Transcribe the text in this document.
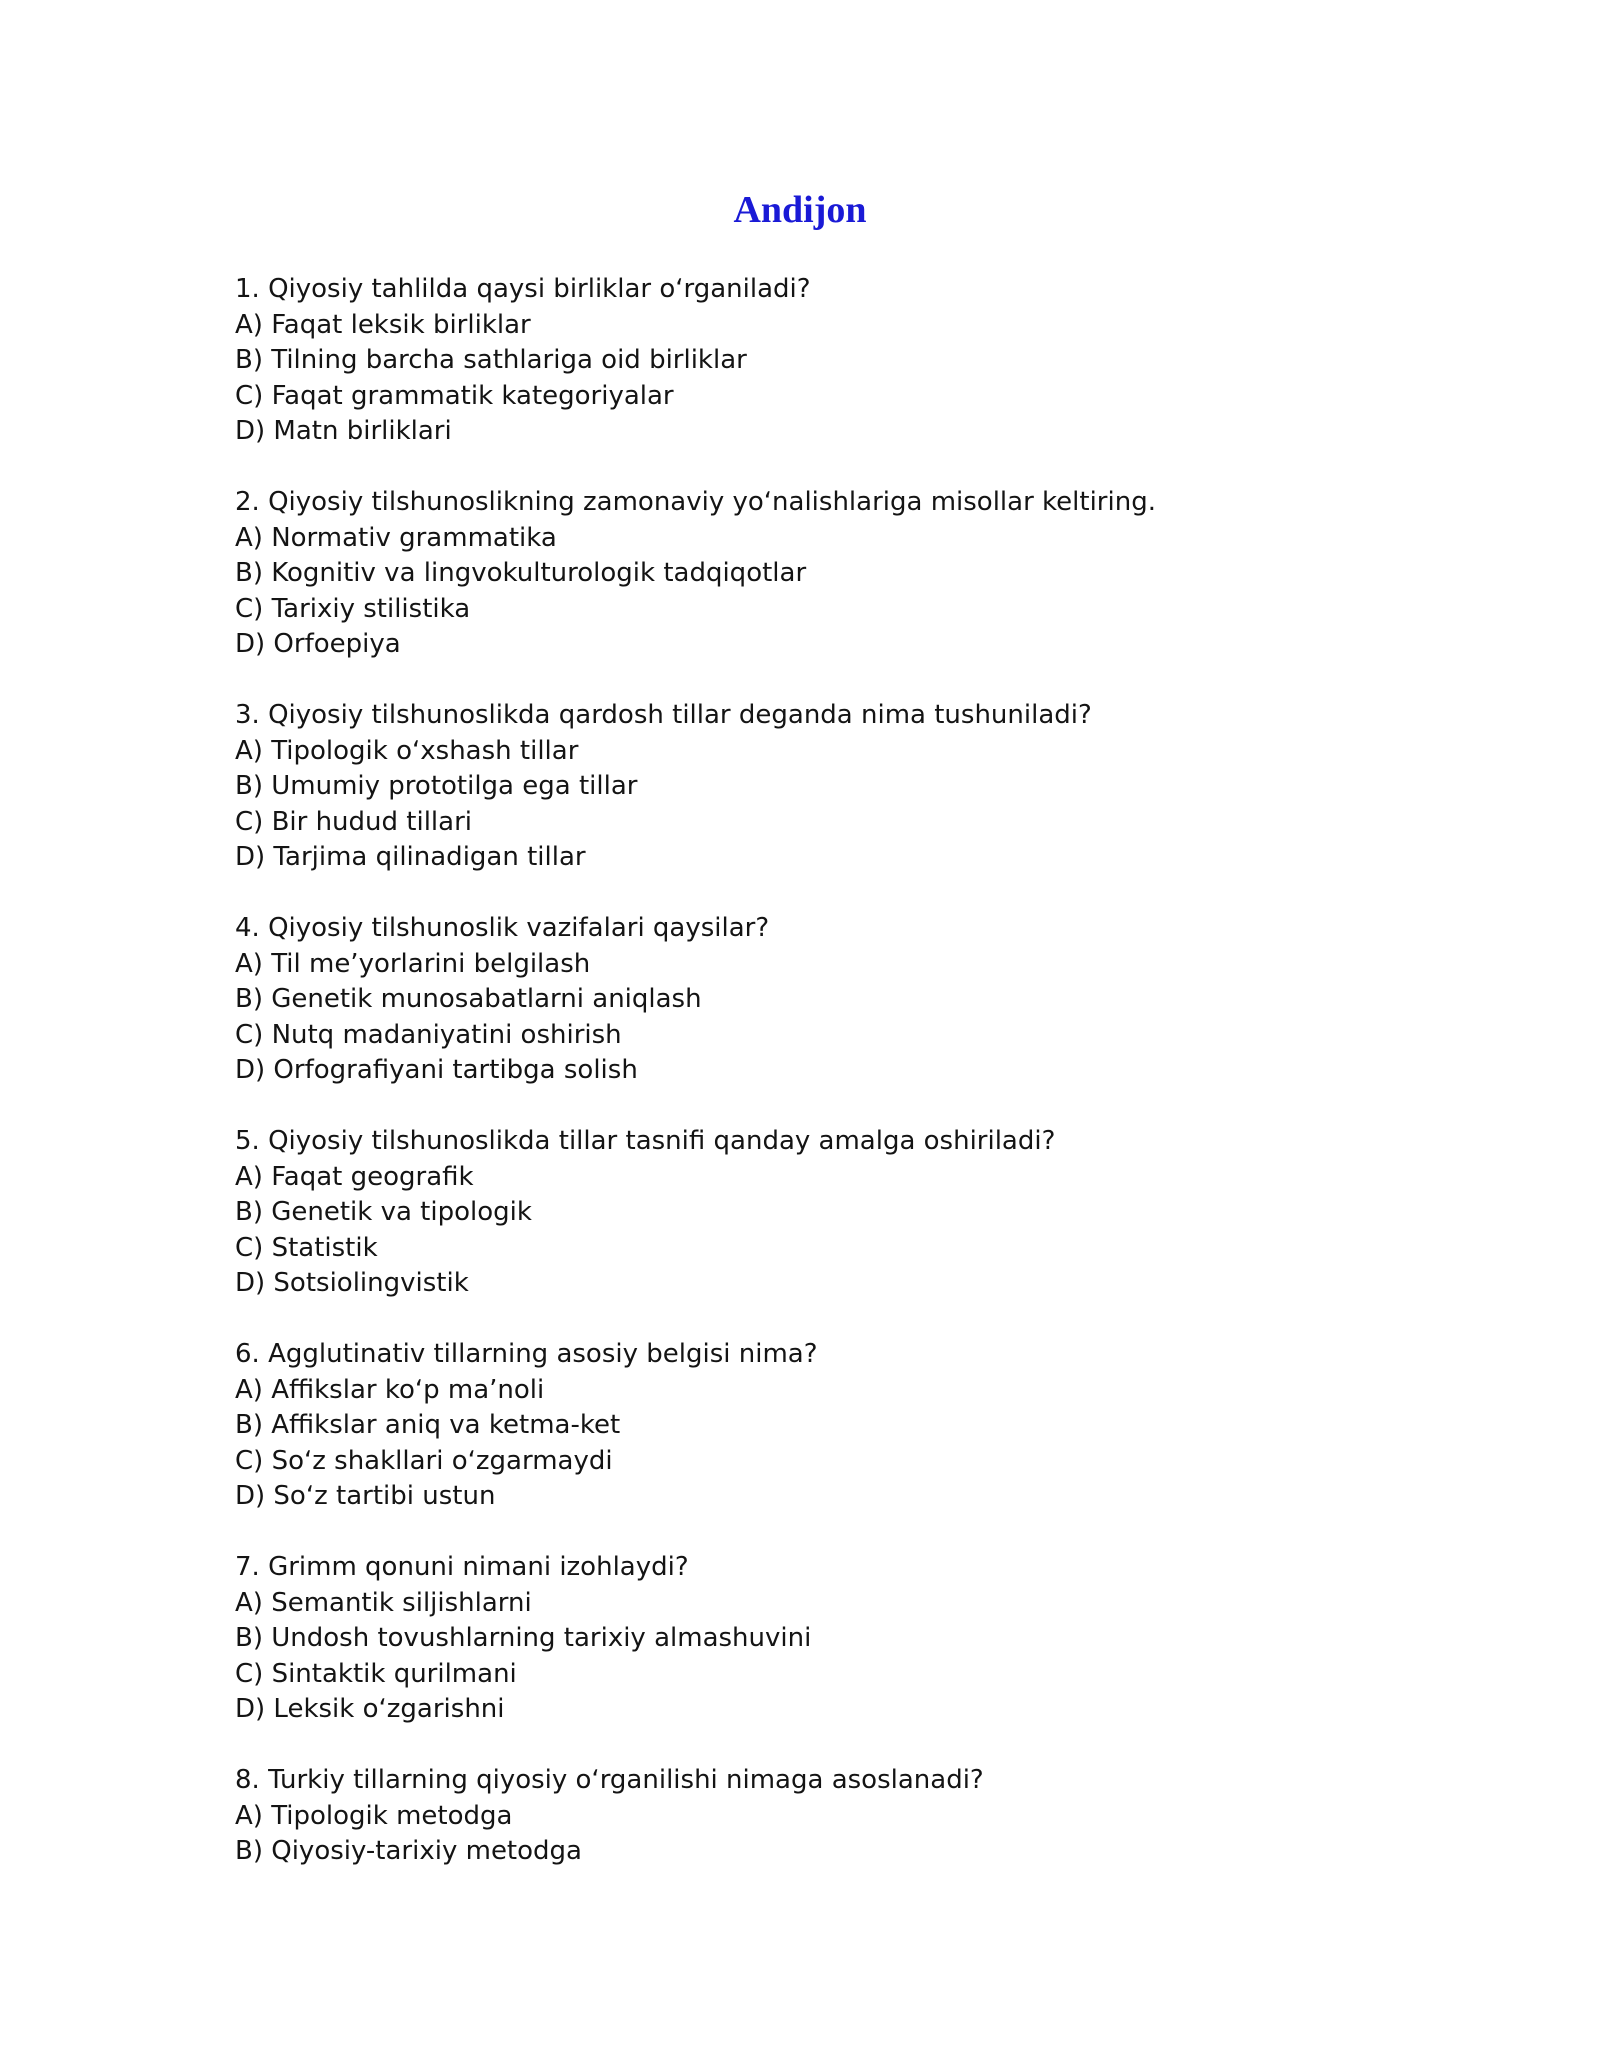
Andijon
1. Qiyosiy tahlilda qaysi birliklar oʻrganiladi?
A) Faqat leksik birliklar
B) Tilning barcha sathlariga oid birliklar
C) Faqat grammatik kategoriyalar
D) Matn birliklari
2. Qiyosiy tilshunoslikning zamonaviy yoʻnalishlariga misollar keltiring.
A) Normativ grammatika
B) Kognitiv va lingvokulturologik tadqiqotlar
C) Tarixiy stilistika
D) Orfoepiya
3. Qiyosiy tilshunoslikda qardosh tillar deganda nima tushuniladi?
A) Tipologik oʻxshash tillar
B) Umumiy prototilga ega tillar
C) Bir hudud tillari
D) Tarjima qilinadigan tillar
4. Qiyosiy tilshunoslik vazifalari qaysilar?
A) Til me’yorlarini belgilash
B) Genetik munosabatlarni aniqlash
C) Nutq madaniyatini oshirish
D) Orfografiyani tartibga solish
5. Qiyosiy tilshunoslikda tillar tasnifi qanday amalga oshiriladi?
A) Faqat geografik
B) Genetik va tipologik
C) Statistik
D) Sotsiolingvistik
6. Agglutinativ tillarning asosiy belgisi nima?
A) Affikslar koʻp ma’noli
B) Affikslar aniq va ketma-ket
C) Soʻz shakllari oʻzgarmaydi
D) Soʻz tartibi ustun
7. Grimm qonuni nimani izohlaydi?
A) Semantik siljishlarni
B) Undosh tovushlarning tarixiy almashuvini
C) Sintaktik qurilmani
D) Leksik oʻzgarishni
8. Turkiy tillarning qiyosiy oʻrganilishi nimaga asoslanadi?
A) Tipologik metodga
B) Qiyosiy-tarixiy metodga
